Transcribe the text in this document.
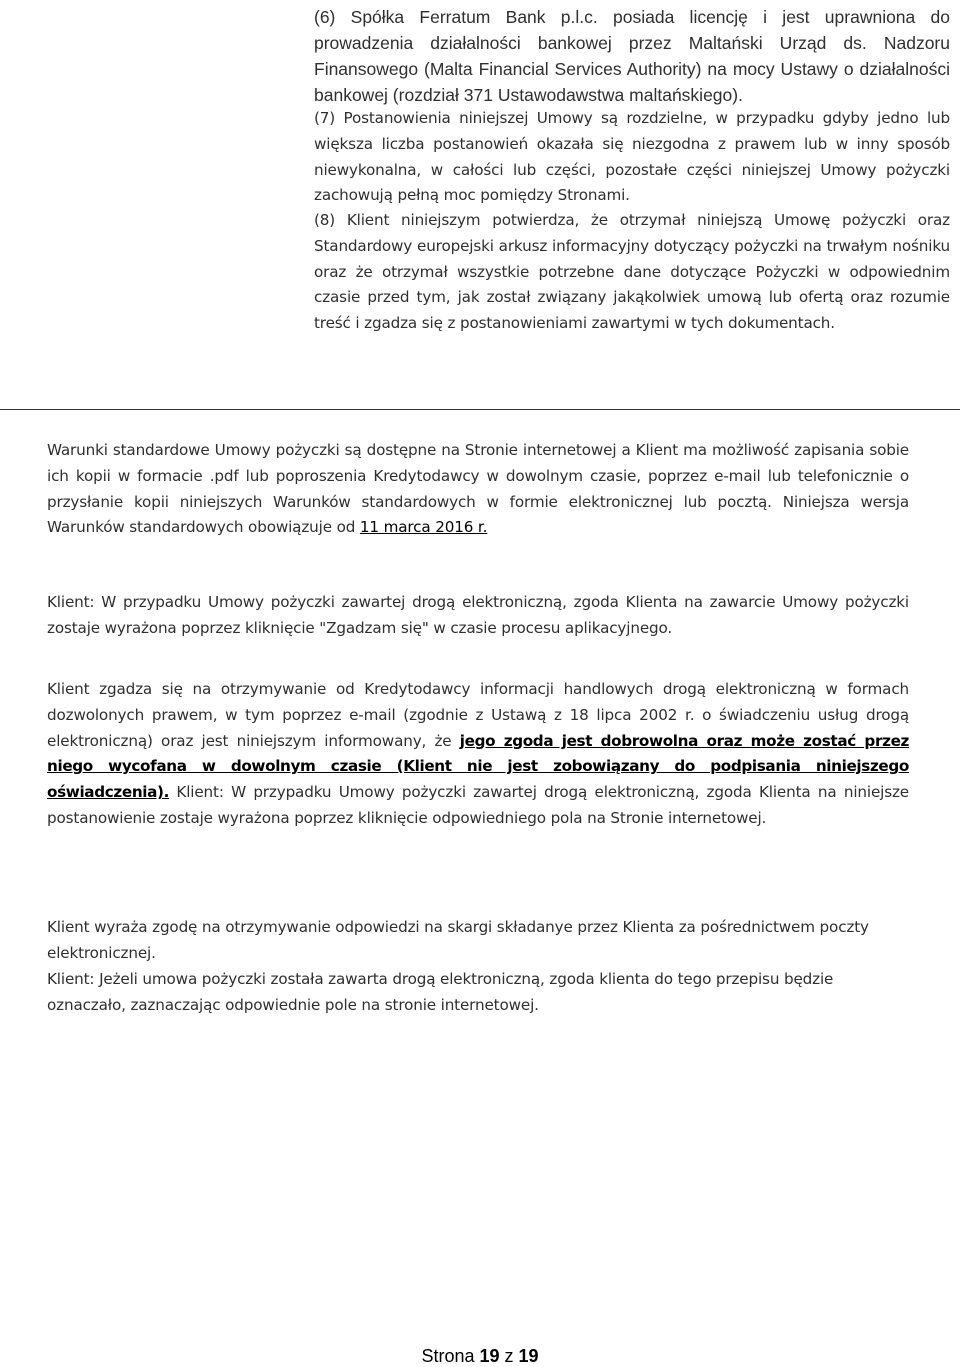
(6) Spółka Ferratum Bank p.l.c. posiada licencję i jest uprawniona do prowadzenia działalności bankowej przez Maltański Urząd ds. Nadzoru Finansowego (Malta Financial Services Authority) na mocy Ustawy o działalności bankowej (rozdział 371 Ustawodawstwa maltańskiego).

(7) Postanowienia niniejszej Umowy są rozdzielne, w przypadku gdyby jedno lub większa liczba postanowień okazała się niezgodna z prawem lub w inny sposób niewykonalna, w całości lub części, pozostałe części niniejszej Umowy pożyczki zachowują pełną moc pomiędzy Stronami.

(8) Klient niniejszym potwierdza, że otrzymał niniejszą Umowę pożyczki oraz Standardowy europejski arkusz informacyjny dotyczący pożyczki na trwałym nośniku oraz że otrzymał wszystkie potrzebne dane dotyczące Pożyczki w odpowiednim czasie przed tym, jak został związany jakąkolwiek umową lub ofertą oraz rozumie treść i zgadza się z postanowieniami zawartymi w tych dokumentach.

Warunki standardowe Umowy pożyczki są dostępne na Stronie internetowej a Klient ma możliwość zapisania sobie ich kopii w formacie .pdf lub poproszenia Kredytodawcy w dowolnym czasie, poprzez e-mail lub telefonicznie o przysłanie kopii niniejszych Warunków standardowych w formie elektronicznej lub pocztą. Niniejsza wersja Warunków standardowych obowiązuje od 11 marca 2016 r.

Klient: W przypadku Umowy pożyczki zawartej drogą elektroniczną, zgoda Klienta na zawarcie Umowy pożyczki zostaje wyrażona poprzez kliknięcie "Zgadzam się" w czasie procesu aplikacyjnego.

Klient zgadza się na otrzymywanie od Kredytodawcy informacji handlowych drogą elektroniczną w formach dozwolonych prawem, w tym poprzez e-mail (zgodnie z Ustawą z 18 lipca 2002 r. o świadczeniu usług drogą elektroniczną) oraz jest niniejszym informowany, że jego zgoda jest dobrowolna oraz może zostać przez niego wycofana w dowolnym czasie (Klient nie jest zobowiązany do podpisania niniejszego oświadczenia). Klient: W przypadku Umowy pożyczki zawartej drogą elektroniczną, zgoda Klienta na niniejsze postanowienie zostaje wyrażona poprzez kliknięcie odpowiedniego pola na Stronie internetowej.

Klient wyraża zgodę na otrzymywanie odpowiedzi na skargi składanye przez Klienta za pośrednictwem poczty elektronicznej.

Klient: Jeżeli umowa pożyczki została zawarta drogą elektroniczną, zgoda klienta do tego przepisu będzie oznaczało, zaznaczając odpowiednie pole na stronie internetowej.

Strona 19 z 19
